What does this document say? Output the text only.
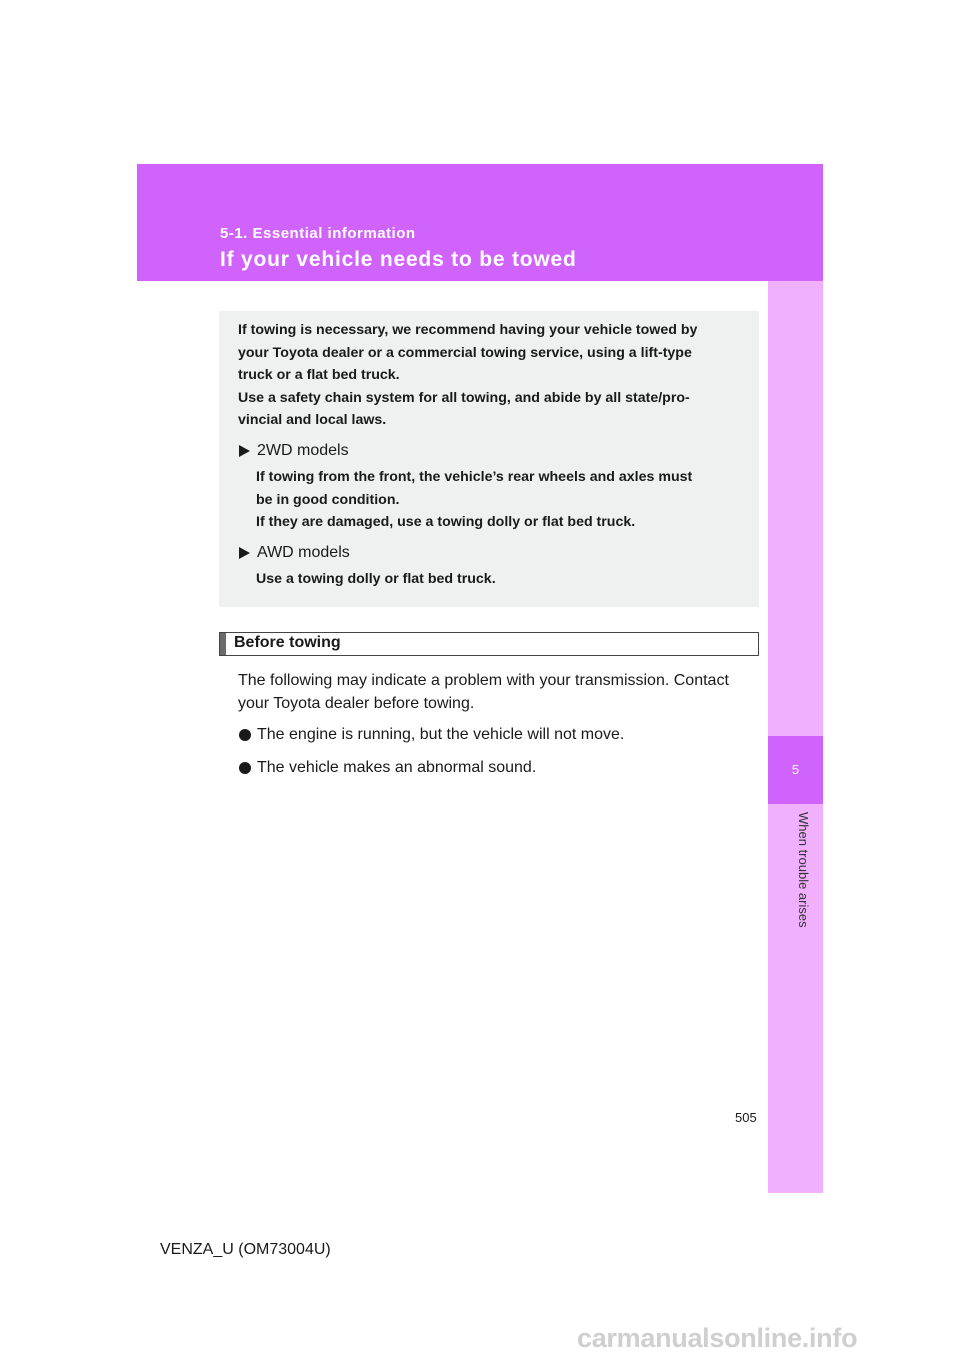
5-1. Essential information
If your vehicle needs to be towed
5
When trouble arises

If towing is necessary, we recommend having your vehicle towed by

your Toyota dealer or a commercial towing service, using a lift-type

truck or a flat bed truck.

Use a safety chain system for all towing, and abide by all state/pro-

vincial and local laws.

2WD models

If towing from the front, the vehicle’s rear wheels and axles must

be in good condition.

If they are damaged, use a towing dolly or flat bed truck.

AWD models

Use a towing dolly or flat bed truck.

Before towing

The following may indicate a problem with your transmission. Contact your Toyota dealer before towing.

The engine is running, but the vehicle will not move.
The vehicle makes an abnormal sound.
505
VENZA_U (OM73004U)
carmanualsonline.info
